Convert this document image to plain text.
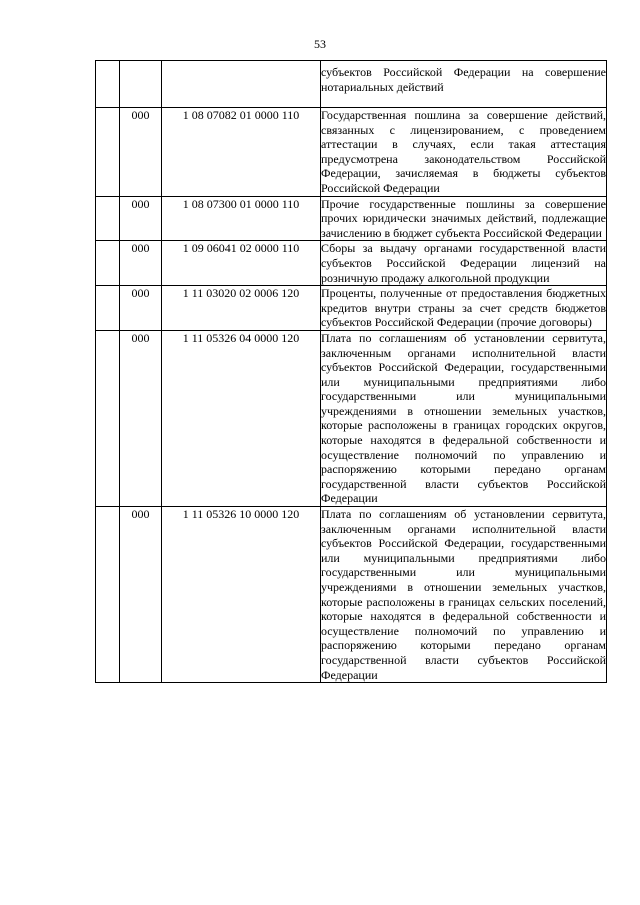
53
			субъектов Российской Федерации на совершение нотариальных действий
	000	1 08 07082 01 0000 110	Государственная пошлина за совершение действий, связанных с лицензированием, с проведением аттестации в случаях, если такая аттестация предусмотрена законодательством Российской Федерации, зачисляемая в бюджеты субъектов Российской Федерации
	000	1 08 07300 01 0000 110	Прочие государственные пошлины за совершение прочих юридически значимых действий, подлежащие зачислению в бюджет субъекта Российской Федерации
	000	1 09 06041 02 0000 110	Сборы за выдачу органами государственной власти субъектов Российской Федерации лицензий на розничную продажу алкогольной продукции
	000	1 11 03020 02 0006 120	Проценты, полученные от предоставления бюджетных кредитов внутри страны за счет средств бюджетов субъектов Российской Федерации (прочие договоры)
	000	1 11 05326 04 0000 120	Плата по соглашениям об установлении сервитута, заключенным органами исполнительной власти субъектов Российской Федерации, государственными или муниципальными предприятиями либо государственными или муниципальными учреждениями в отношении земельных участков, которые расположены в границах городских округов, которые находятся в федеральной собственности и осуществление полномочий по управлению и распоряжению которыми передано органам государственной власти субъектов Российской Федерации
	000	1 11 05326 10 0000 120	Плата по соглашениям об установлении сервитута, заключенным органами исполнительной власти субъектов Российской Федерации, государственными или муниципальными предприятиями либо государственными или муниципальными учреждениями в отношении земельных участков, которые расположены в границах сельских поселений, которые находятся в федеральной собственности и осуществление полномочий по управлению и распоряжению которыми передано органам государственной власти субъектов Российской Федерации
